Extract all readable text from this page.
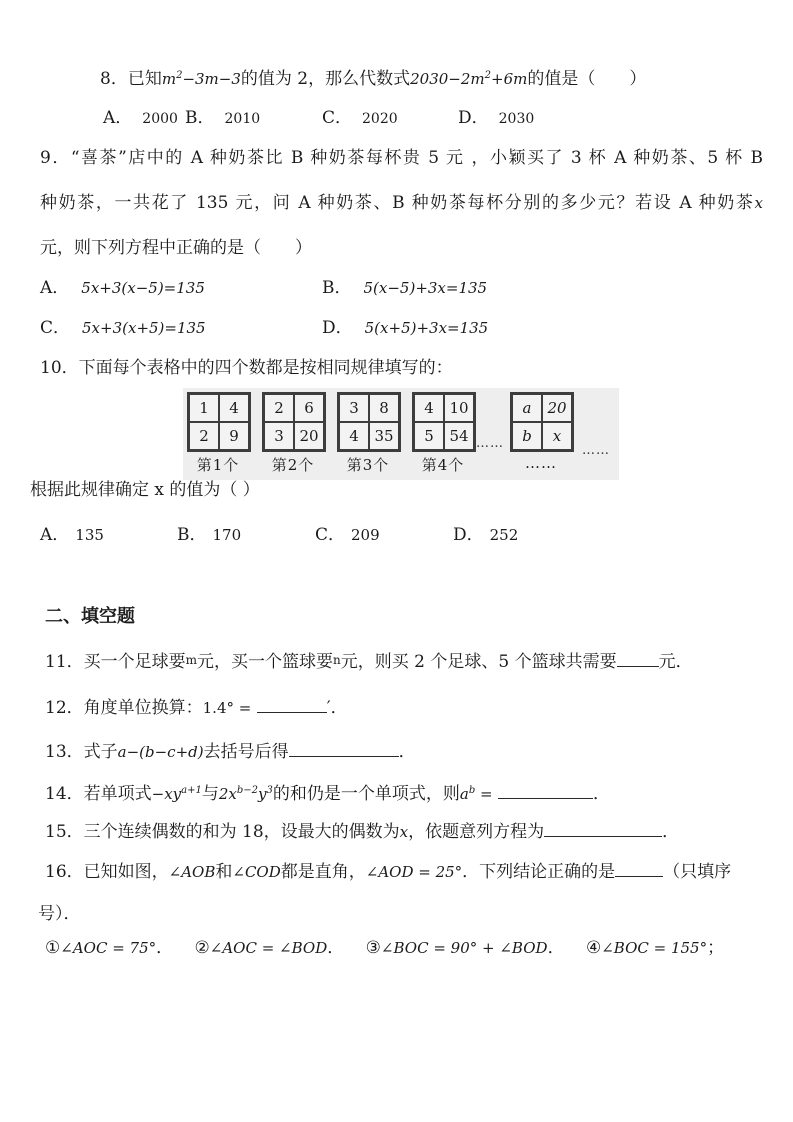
8．已知$m^2-3m-3$的值为 2，那么代数式$2030-2m^2+6m$的值是（　　）
A． 2000 B． 2010	C． 2020	D． 2030
9．“喜茶”店中的 A 种奶茶比 B 种奶茶每杯贵 5 元 ，小颖买了 3 杯 A 种奶茶、5 杯 B
种奶茶，一共花了 135 元，问 A 种奶茶、B 种奶茶每杯分别的多少元？若设 A 种奶茶x
元，则下列方程中正确的是（　　）
A． 5x+3(x−5)=135	B． 5(x−5)+3x=135
C． 5x+3(x+5)=135	D． 5(x+5)+3x=135
10．下面每个表格中的四个数都是按相同规律填写的：
1	4
2	9
第1个
2	6
3	20
第2个
3	8
4	35
第3个
4	10
5	54
第4个
……
a	20
b	x
……
……
根据此规律确定 x 的值为（ ）
A． 135	B． 170	C． 209	D． 252
二、填空题
11．买一个足球要m元，买一个篮球要n元，则买 2 个足球、5 个篮球共需要 元．
12．角度单位换算：1.4° =	′．
13．式子a−(b−c+d)去括号后得	．
14．若单项式$-xy^{a+1}$与$2x^{b-2}y^3$的和仍是一个单项式，则$a^b$ =	．
15．三个连续偶数的和为 18，设最大的偶数为x，依题意列方程为	．
16．已知如图，∠AOB和∠COD都是直角，∠AOD = 25°．下列结论正确的是	（只填序
号）．
①∠AOC = 75°． ②∠AOC = ∠BOD． ③∠BOC = 90° + ∠BOD． ④∠BOC = 155°；
